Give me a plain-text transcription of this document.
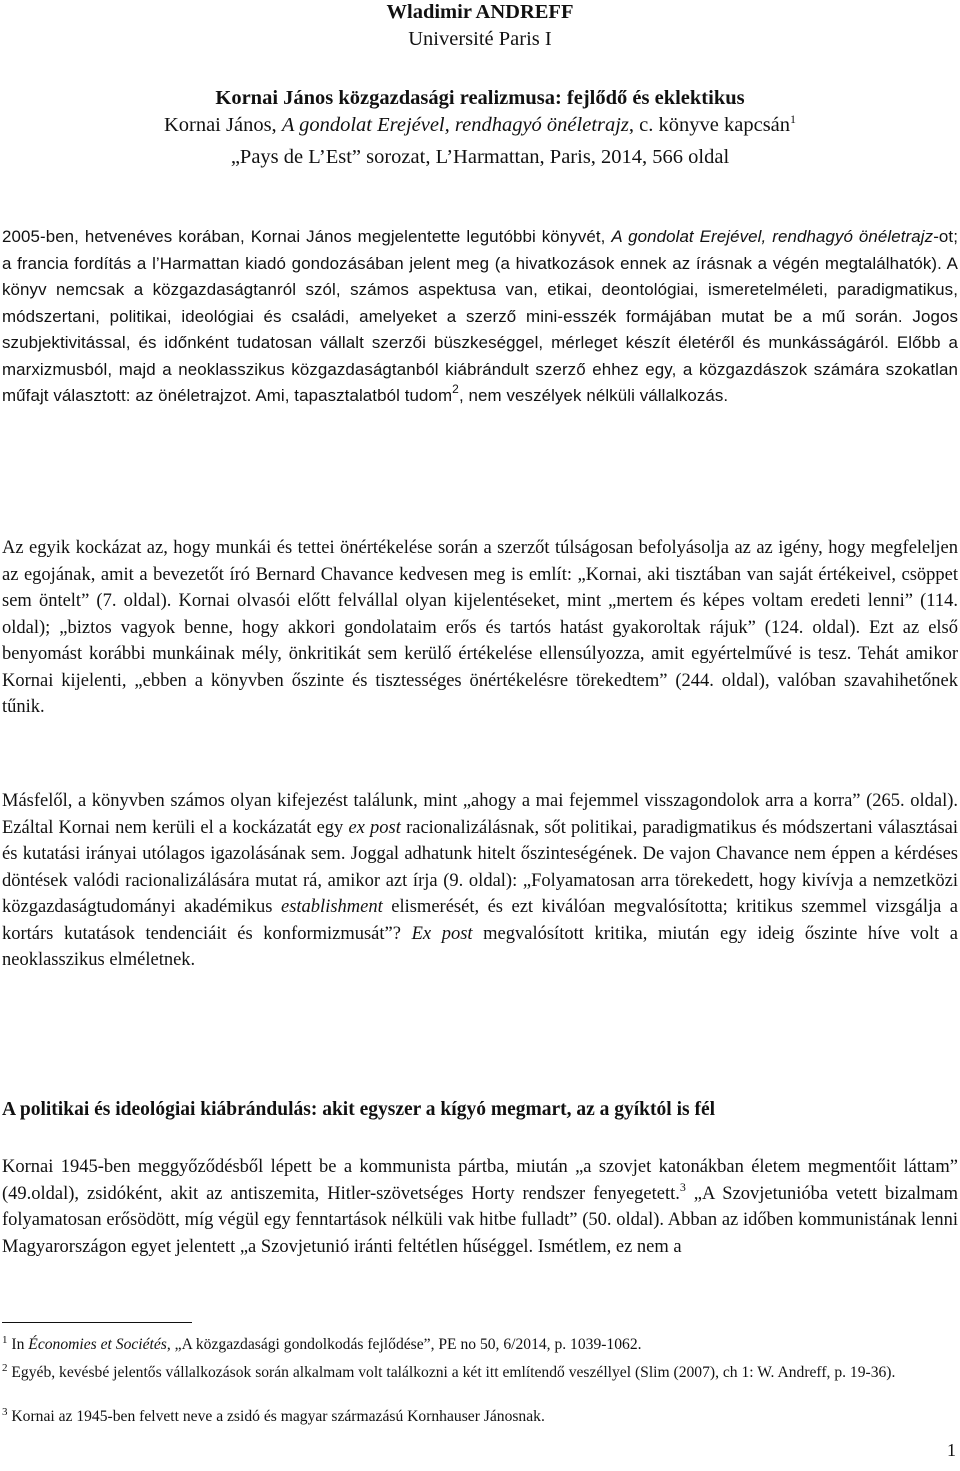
Wladimir ANDREFF
Université Paris I
Kornai János közgazdasági realizmusa: fejlődő és eklektikus
Kornai János, A gondolat Erejével, rendhagyó önéletrajz, c. könyve kapcsán$^1$
„Pays de L’Est” sorozat, L’Harmattan, Paris, 2014, 566 oldal

2005-ben, hetvenéves korában, Kornai János megjelentette legutóbbi könyvét, A gondolat Erejével, rendhagyó önéletrajz-ot; a francia fordítás a l’Harmattan kiadó gondozásában jelent meg (a hivatkozások ennek az írásnak a végén megtalálhatók). A könyv nemcsak a közgazdaságtanról szól, számos aspektusa van, etikai, deontológiai, ismeretelméleti, paradigmatikus, módszertani, politikai, ideológiai és családi, amelyeket a szerző mini-esszék formájában mutat be a mű során. Jogos szubjektivitással, és időnként tudatosan vállalt szerzői büszkeséggel, mérleget készít életéről és munkásságáról. Előbb a marxizmusból, majd a neoklasszikus közgazdaságtanból kiábrándult szerző ehhez egy, a közgazdászok számára szokatlan műfajt választott: az önéletrajzot. Ami, tapasztalatból tudom$^2$, nem veszélyek nélküli vállalkozás.

Az egyik kockázat az, hogy munkái és tettei önértékelése során a szerzőt túlságosan befolyásolja az az igény, hogy megfeleljen az egojának, amit a bevezetőt író Bernard Chavance kedvesen meg is említ: „Kornai, aki tisztában van saját értékeivel, csöppet sem öntelt” (7. oldal). Kornai olvasói előtt felvállal olyan kijelentéseket, mint „mertem és képes voltam eredeti lenni” (114. oldal); „biztos vagyok benne, hogy akkori gondolataim erős és tartós hatást gyakoroltak rájuk” (124. oldal). Ezt az első benyomást korábbi munkáinak mély, önkritikát sem kerülő értékelése ellensúlyozza, amit egyértelművé is tesz. Tehát amikor Kornai kijelenti, „ebben a könyvben őszinte és tisztességes önértékelésre törekedtem” (244. oldal), valóban szavahihetőnek tűnik.

Másfelől, a könyvben számos olyan kifejezést találunk, mint „ahogy a mai fejemmel visszagondolok arra a korra” (265. oldal). Ezáltal Kornai nem kerüli el a kockázatát egy ex post racionalizálásnak, sőt politikai, paradigmatikus és módszertani választásai és kutatási irányai utólagos igazolásának sem. Joggal adhatunk hitelt őszinteségének. De vajon Chavance nem éppen a kérdéses döntések valódi racionalizálására mutat rá, amikor azt írja (9. oldal): „Folyamatosan arra törekedett, hogy kivívja a nemzetközi közgazdaságtudományi akadémikus establishment elismerését, és ezt kiválóan megvalósította; kritikus szemmel vizsgálja a kortárs kutatások tendenciáit és konformizmusát”? Ex post megvalósított kritika, miután egy ideig őszinte híve volt a neoklasszikus elméletnek.

A politikai és ideológiai kiábrándulás: akit egyszer a kígyó megmart, az a gyíktól is fél

Kornai 1945-ben meggyőződésből lépett be a kommunista pártba, miután „a szovjet katonákban életem megmentőit láttam” (49.oldal), zsidóként, akit az antiszemita, Hitler-szövetséges Horty rendszer fenyegetett.$^3$ „A Szovjetunióba vetett bizalmam folyamatosan erősödött, míg végül egy fenntartások nélküli vak hitbe fulladt” (50. oldal). Abban az időben kommunistának lenni Magyarországon egyet jelentett „a Szovjetunió iránti feltétlen hűséggel. Ismétlem, ez nem a

$^1$ In Économies et Sociétés, „A közgazdasági gondolkodás fejlődése”, PE no 50, 6/2014, p. 1039-1062.

$^2$ Egyéb, kevésbé jelentős vállalkozások során alkalmam volt találkozni a két itt említendő veszéllyel (Slim (2007), ch 1: W. Andreff, p. 19-36).

$^3$ Kornai az 1945-ben felvett neve a zsidó és magyar származású Kornhauser Jánosnak.

1
